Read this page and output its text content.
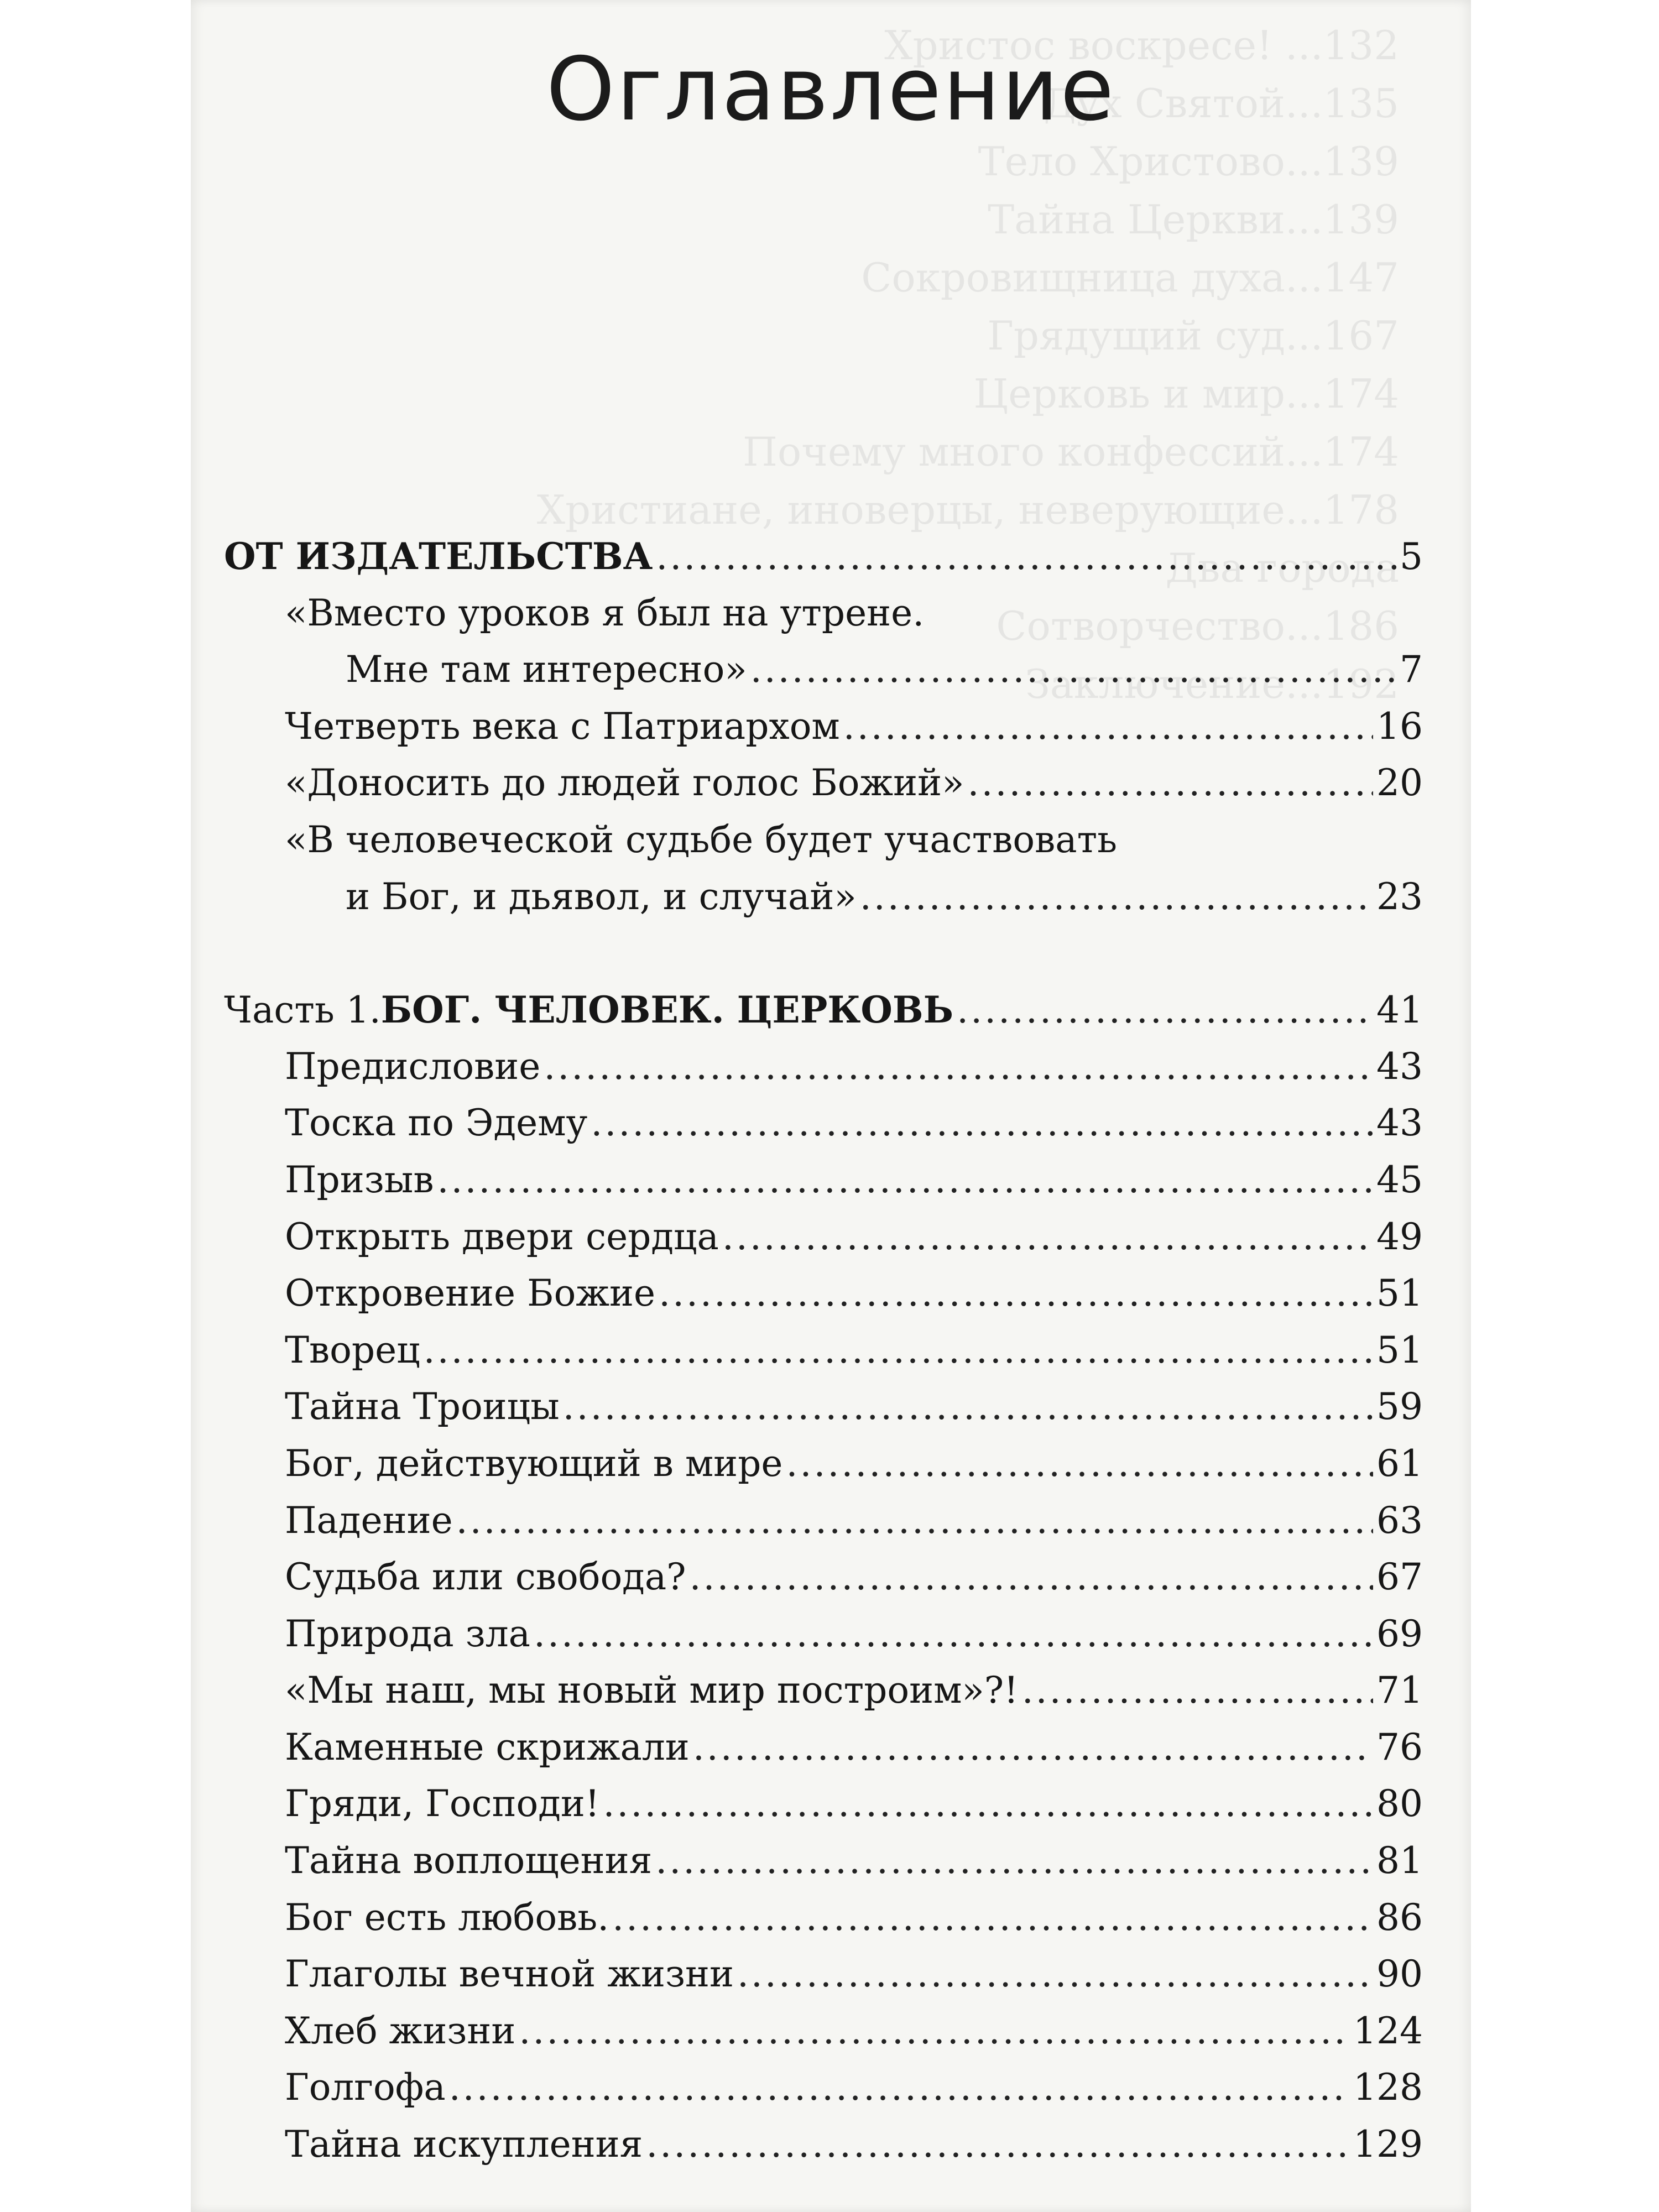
Христос воскресе! ...132
Дух Святой...135
Тело Христово...139
Тайна Церкви...139
Сокровищница духа...147
Грядущий суд...167
Церковь и мир...174
Почему много конфессий...174
Христиане, иноверцы, неверующие...178
Два города
Сотворчество...186
Заключение...192
Оглавление
ОТ ИЗДАТЕЛЬСТВА .....	5
«Вместо уроков я был на утрене.
Мне там интересно» .....	7
Четверть века с Патриархом .....	16
«Доносить до людей голос Божий» .....	20
«В человеческой судьбе будет участвовать
и Бог, и дьявол, и случай» .....	23
Часть 1. БОГ. ЧЕЛОВЕК. ЦЕРКОВЬ .....	41
Предисловие .....	43
Тоска по Эдему .....	43
Призыв .....	45
Открыть двери сердца .....	49
Откровение Божие .....	51
Творец .....	51
Тайна Троицы .....	59
Бог, действующий в мире .....	61
Падение .....	63
Судьба или свобода? .....	67
Природа зла .....	69
«Мы наш, мы новый мир построим»?! .....	71
Каменные скрижали .....	76
Гряди, Господи! .....	80
Тайна воплощения .....	81
Бог есть любовь. .....	86
Глаголы вечной жизни .....	90
Хлеб жизни .....	124
Голгофа .....	128
Тайна искупления .....	129
